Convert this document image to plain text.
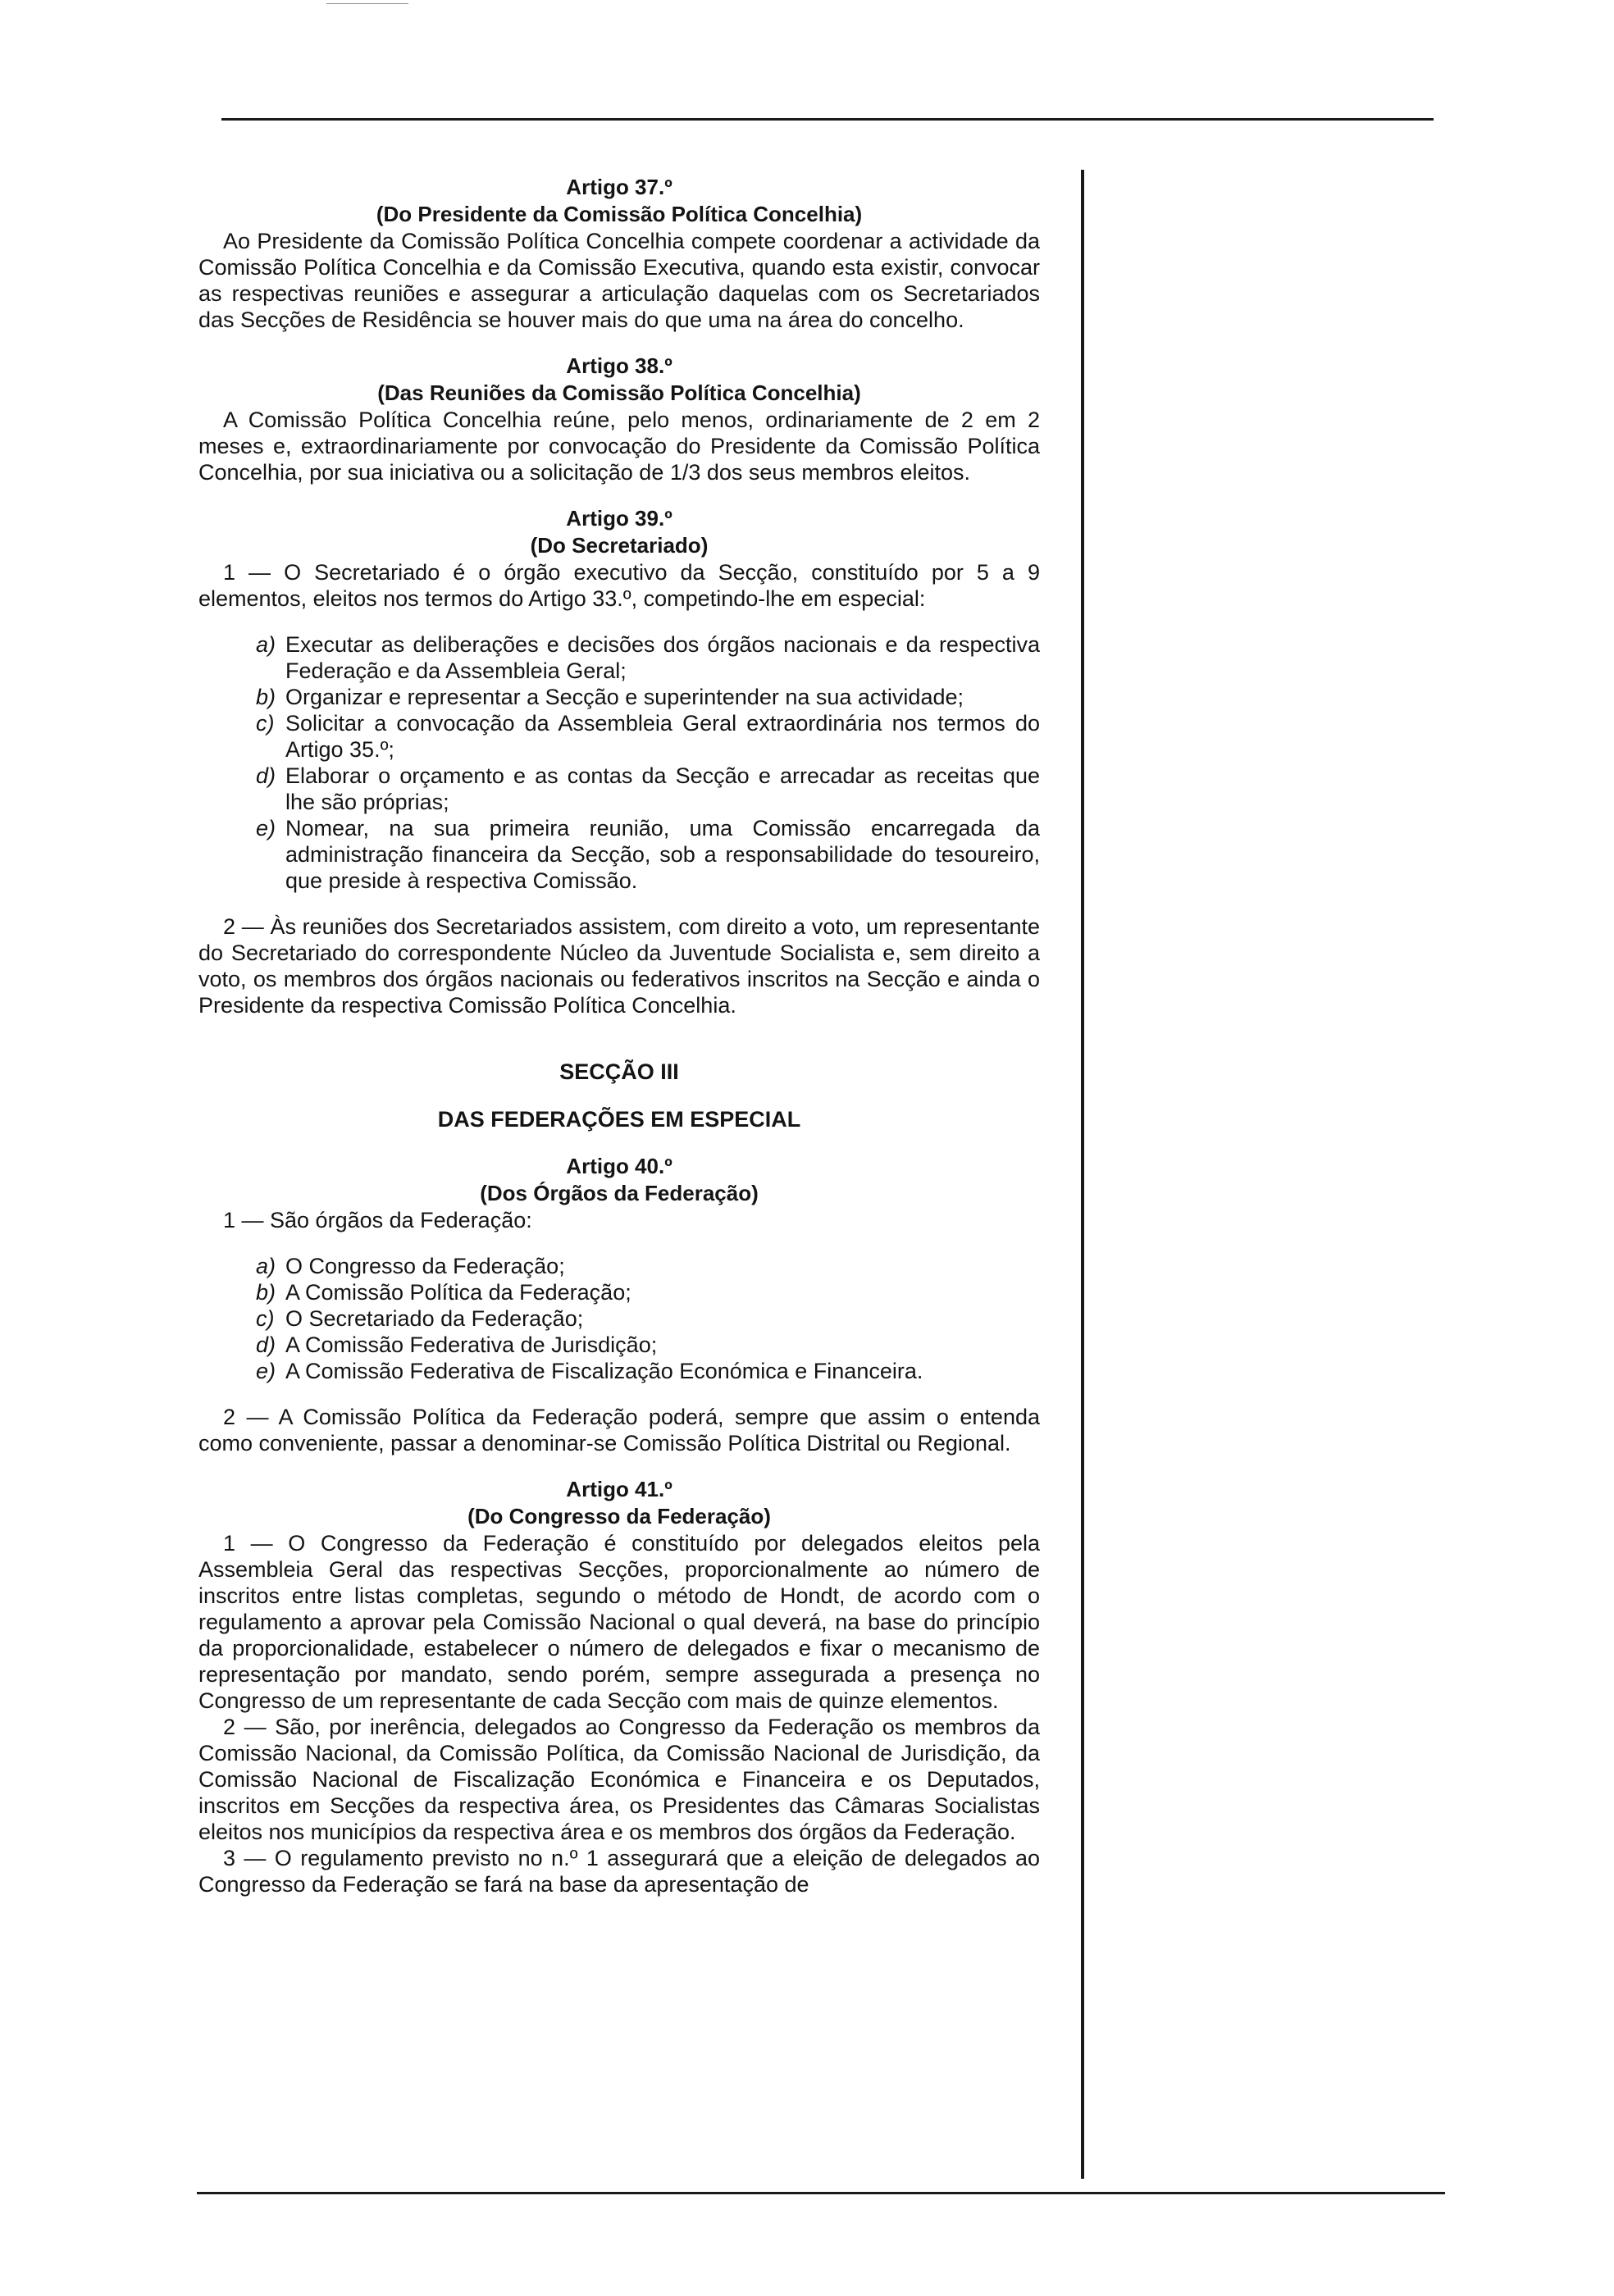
Artigo 37.º
(Do Presidente da Comissão Política Concelhia)

Ao Presidente da Comissão Política Concelhia compete coordenar a actividade da Comissão Política Concelhia e da Comissão Executiva, quando esta existir, convocar as respectivas reuniões e assegurar a articulação daquelas com os Secretariados das Secções de Residência se houver mais do que uma na área do concelho.

Artigo 38.º
(Das Reuniões da Comissão Política Concelhia)

A Comissão Política Concelhia reúne, pelo menos, ordinariamente de 2 em 2 meses e, extraordinariamente por convocação do Presidente da Comissão Política Concelhia, por sua iniciativa ou a solicitação de 1/3 dos seus membros eleitos.

Artigo 39.º
(Do Secretariado)

1 — O Secretariado é o órgão executivo da Secção, constituído por 5 a 9 elementos, eleitos nos termos do Artigo 33.º, competindo-lhe em especial:

a) Executar as deliberações e decisões dos órgãos nacionais e da respectiva Federação e da Assembleia Geral;
b) Organizar e representar a Secção e superintender na sua actividade;
c) Solicitar a convocação da Assembleia Geral extraordinária nos termos do Artigo 35.º;
d) Elaborar o orçamento e as contas da Secção e arrecadar as receitas que lhe são próprias;
e) Nomear, na sua primeira reunião, uma Comissão encarregada da administração financeira da Secção, sob a responsabilidade do tesoureiro, que preside à respectiva Comissão.

2 — Às reuniões dos Secretariados assistem, com direito a voto, um representante do Secretariado do correspondente Núcleo da Juventude Socialista e, sem direito a voto, os membros dos órgãos nacionais ou federativos inscritos na Secção e ainda o Presidente da respectiva Comissão Política Concelhia.

SECÇÃO III
DAS FEDERAÇÕES EM ESPECIAL
Artigo 40.º
(Dos Órgãos da Federação)

1 — São órgãos da Federação:

a) O Congresso da Federação;
b) A Comissão Política da Federação;
c) O Secretariado da Federação;
d) A Comissão Federativa de Jurisdição;
e) A Comissão Federativa de Fiscalização Económica e Financeira.

2 — A Comissão Política da Federação poderá, sempre que assim o entenda como conveniente, passar a denominar-se Comissão Política Distrital ou Regional.

Artigo 41.º
(Do Congresso da Federação)

1 — O Congresso da Federação é constituído por delegados eleitos pela Assembleia Geral das respectivas Secções, proporcionalmente ao número de inscritos entre listas completas, segundo o método de Hondt, de acordo com o regulamento a aprovar pela Comissão Nacional o qual deverá, na base do princípio da proporcionalidade, estabelecer o número de delegados e fixar o mecanismo de representação por mandato, sendo porém, sempre assegurada a presença no Congresso de um representante de cada Secção com mais de quinze elementos.

2 — São, por inerência, delegados ao Congresso da Federação os membros da Comissão Nacional, da Comissão Política, da Comissão Nacional de Jurisdição, da Comissão Nacional de Fiscalização Económica e Financeira e os Deputados, inscritos em Secções da respectiva área, os Presidentes das Câmaras Socialistas eleitos nos municípios da respectiva área e os membros dos órgãos da Federação.

3 — O regulamento previsto no n.º 1 assegurará que a eleição de delegados ao Congresso da Federação se fará na base da apresentação de
